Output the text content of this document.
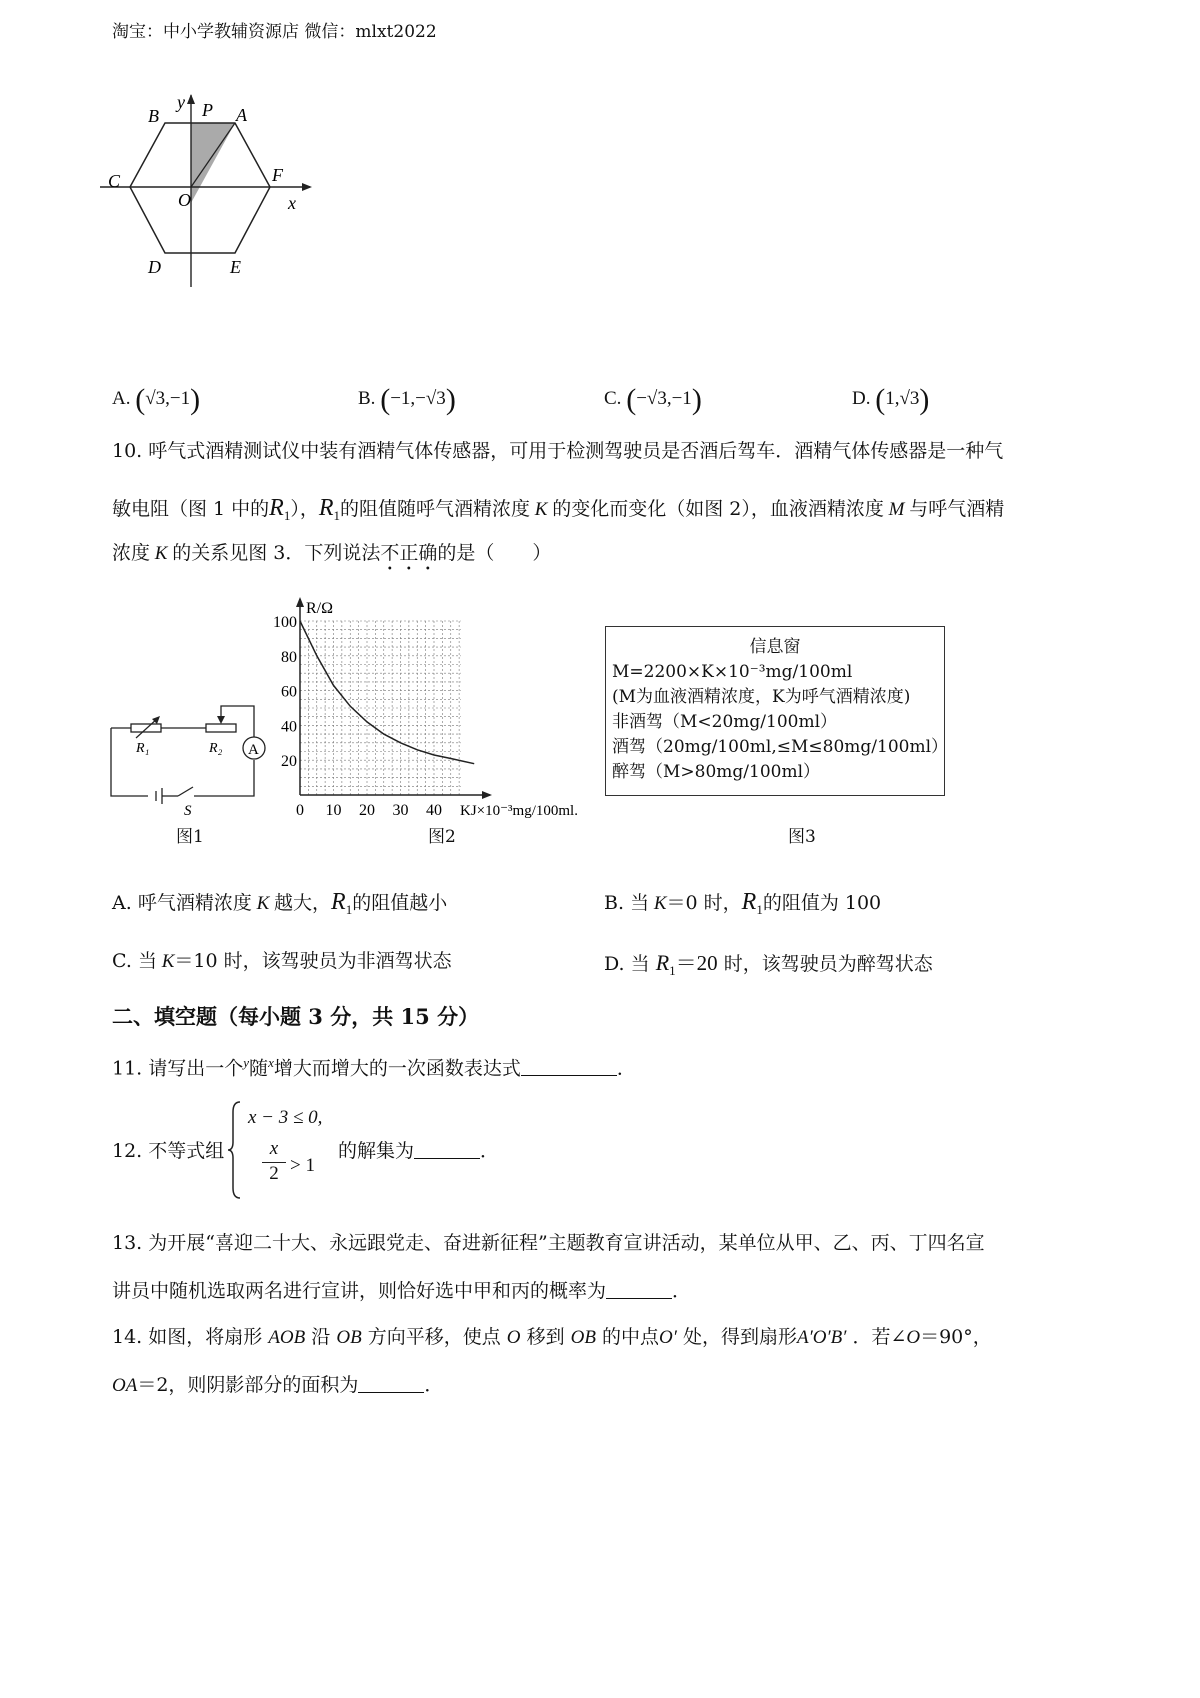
淘宝：中小学教辅资源店 微信：mlxt2022
y P A
B
C	F
O	x
D	E
A. (√3,−1)	B. (−1,−√3)	C. (−√3,−1)	D. (1,√3)
10. 呼气式酒精测试仪中装有酒精气体传感器，可用于检测驾驶员是否酒后驾车．酒精气体传感器是一种气
敏电阻（图 1 中的$R_1$），$R_1$的阻值随呼气酒精浓度 K 的变化而变化（如图 2），血液酒精浓度 M 与呼气酒精
浓度 K 的关系见图 3．下列说法不正确的是（　　）
A
R₁	R₂
S
图1
20
40
60
80
100
0 10 20 30 40
R/Ω
KJ×10⁻³mg/100ml.
图2
信息窗
M=2200×K×10⁻³mg/100ml
(M为血液酒精浓度，K为呼气酒精浓度)
非酒驾（M<20mg/100ml）
酒驾（20mg/100ml,≤M≤80mg/100ml）
醉驾（M>80mg/100ml）
图3
A. 呼气酒精浓度 K 越大，$R_1$的阻值越小	B. 当 K＝0 时，$R_1$的阻值为 100
C. 当 K＝10 时，该驾驶员为非酒驾状态	D. 当 $R_1=20$ 时，该驾驶员为醉驾状态
二、填空题（每小题 3 分，共 15 分）
11. 请写出一个$^y$随$^x$增大而增大的一次函数表达式	．
12. 不等式组
x − 3 ≤ 0,
x
2 > 1
的解集为	．
13. 为开展“喜迎二十大、永远跟党走、奋进新征程”主题教育宣讲活动，某单位从甲、乙、丙、丁四名宣
讲员中随机选取两名进行宣讲，则恰好选中甲和丙的概率为	．
14. 如图，将扇形 AOB 沿 OB 方向平移，使点 O 移到 OB 的中点O′ 处，得到扇形A′O′B′ ．若∠O＝90°，
OA＝2，则阴影部分的面积为	．
